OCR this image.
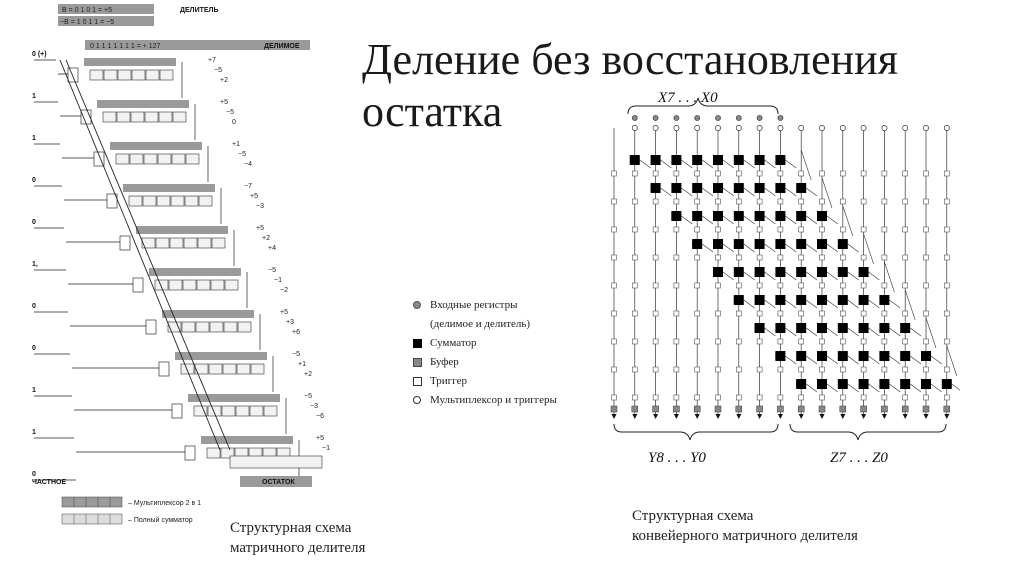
Деление без восстановления
остатка
B = 0 1 0 1 = +5	ДЕЛИТЕЛЬ
−B = 1 0 1 1 = −5
0 1 1 1 1 1 1 1 = + 127	ДЕЛИМОЕ
0 (+)
1
1
0
0
1,
0
0
1
1
0
+7
−5
+2
+5
−5
0
+1
−5
−4
−7
+5
−3
+5
+2
+4
−5
−1
−2
+5
+3
+6
−5
+1
+2
−5
−3
−6
+5
−1
ЧАСТНОЕ	ОСТАТОК
– Мультиплексор 2 в 1
– Полный сумматор
Входные регистры
(делимое и делитель)
Сумматор
Буфер
Триггер
Мультиплексор и триггеры
X7 . . . X0
Y8 . . . Y0	Z7 . . . Z0
Структурная схема
матричного делителя
Структурная схема
конвейерного матричного делителя
